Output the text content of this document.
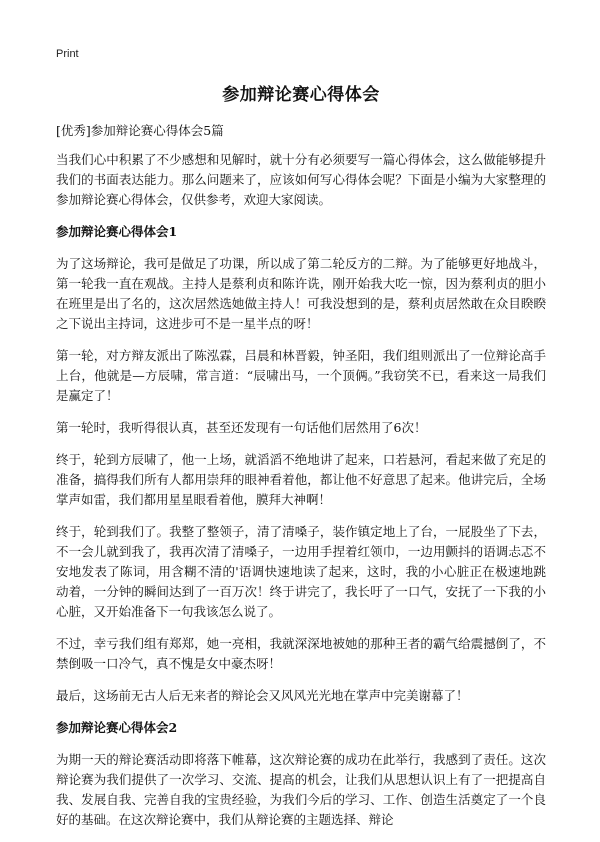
Print
参加辩论赛心得体会

[优秀]参加辩论赛心得体会5篇

当我们心中积累了不少感想和见解时，就十分有必须要写一篇心得体会，这么做能够提升我们的书面表达能力。那么问题来了，应该如何写心得体会呢？下面是小编为大家整理的参加辩论赛心得体会，仅供参考，欢迎大家阅读。

参加辩论赛心得体会1

为了这场辩论，我可是做足了功课，所以成了第二轮反方的二辩。为了能够更好地战斗，第一轮我一直在观战。主持人是蔡利贞和陈许诜，刚开始我大吃一惊，因为蔡利贞的胆小在班里是出了名的，这次居然选她做主持人！可我没想到的是，蔡利贞居然敢在众目睽睽之下说出主持词，这进步可不是一星半点的呀！

第一轮，对方辩友派出了陈泓霖，吕晨和林晋毅，钟圣阳，我们组则派出了一位辩论高手上台，他就是—方辰啸，常言道：“辰啸出马，一个顶俩。”我窃笑不已，看来这一局我们是赢定了！

第一轮时，我听得很认真，甚至还发现有一句话他们居然用了6次！

终于，轮到方辰啸了，他一上场，就滔滔不绝地讲了起来，口若悬河，看起来做了充足的准备，搞得我们所有人都用崇拜的眼神看着他，都让他不好意思了起来。他讲完后，全场掌声如雷，我们都用星星眼看着他，膜拜大神啊！

终于，轮到我们了。我整了整领子，清了清嗓子，装作镇定地上了台，一屁股坐了下去，不一会儿就到我了，我再次清了清嗓子，一边用手捏着红领巾，一边用颤抖的语调忐忑不安地发表了陈词，用含糊不清的'语调快速地读了起来，这时，我的小心脏正在极速地跳动着，一分钟的瞬间达到了一百万次！终于讲完了，我长吁了一口气，安抚了一下我的小心脏，又开始准备下一句我该怎么说了。

不过，幸亏我们组有郑郑，她一亮相，我就深深地被她的那种王者的霸气给震撼倒了，不禁倒吸一口冷气，真不愧是女中豪杰呀！

最后，这场前无古人后无来者的辩论会又风风光光地在掌声中完美谢幕了！

参加辩论赛心得体会2

为期一天的辩论赛活动即将落下帷幕，这次辩论赛的成功在此举行，我感到了责任。这次辩论赛为我们提供了一次学习、交流、提高的机会，让我们从思想认识上有了一把提高自我、发展自我、完善自我的宝贵经验，为我们今后的学习、工作、创造生活奠定了一个良好的基础。在这次辩论赛中，我们从辩论赛的主题选择、辩论
